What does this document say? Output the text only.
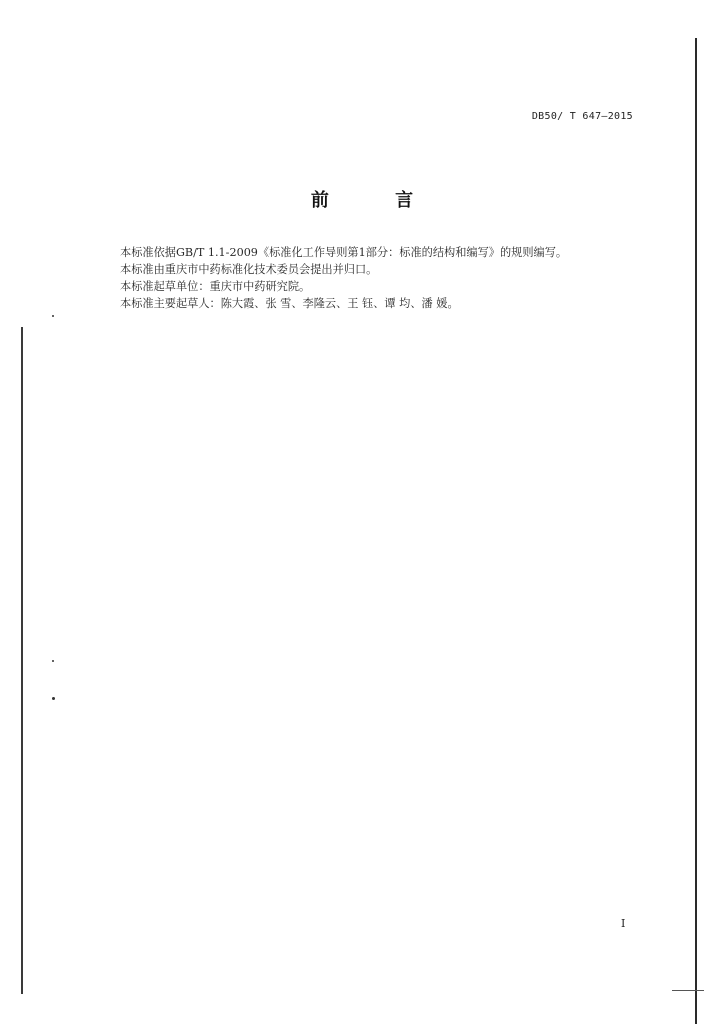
DB50/ T 647—2015
前 言

本标准依据GB/T 1.1-2009《标准化工作导则第1部分：标准的结构和编写》的规则编写。

本标准由重庆市中药标准化技术委员会提出并归口。

本标准起草单位：重庆市中药研究院。

本标准主要起草人：陈大霞、张 雪、李隆云、王 钰、谭 均、潘 媛。

I
